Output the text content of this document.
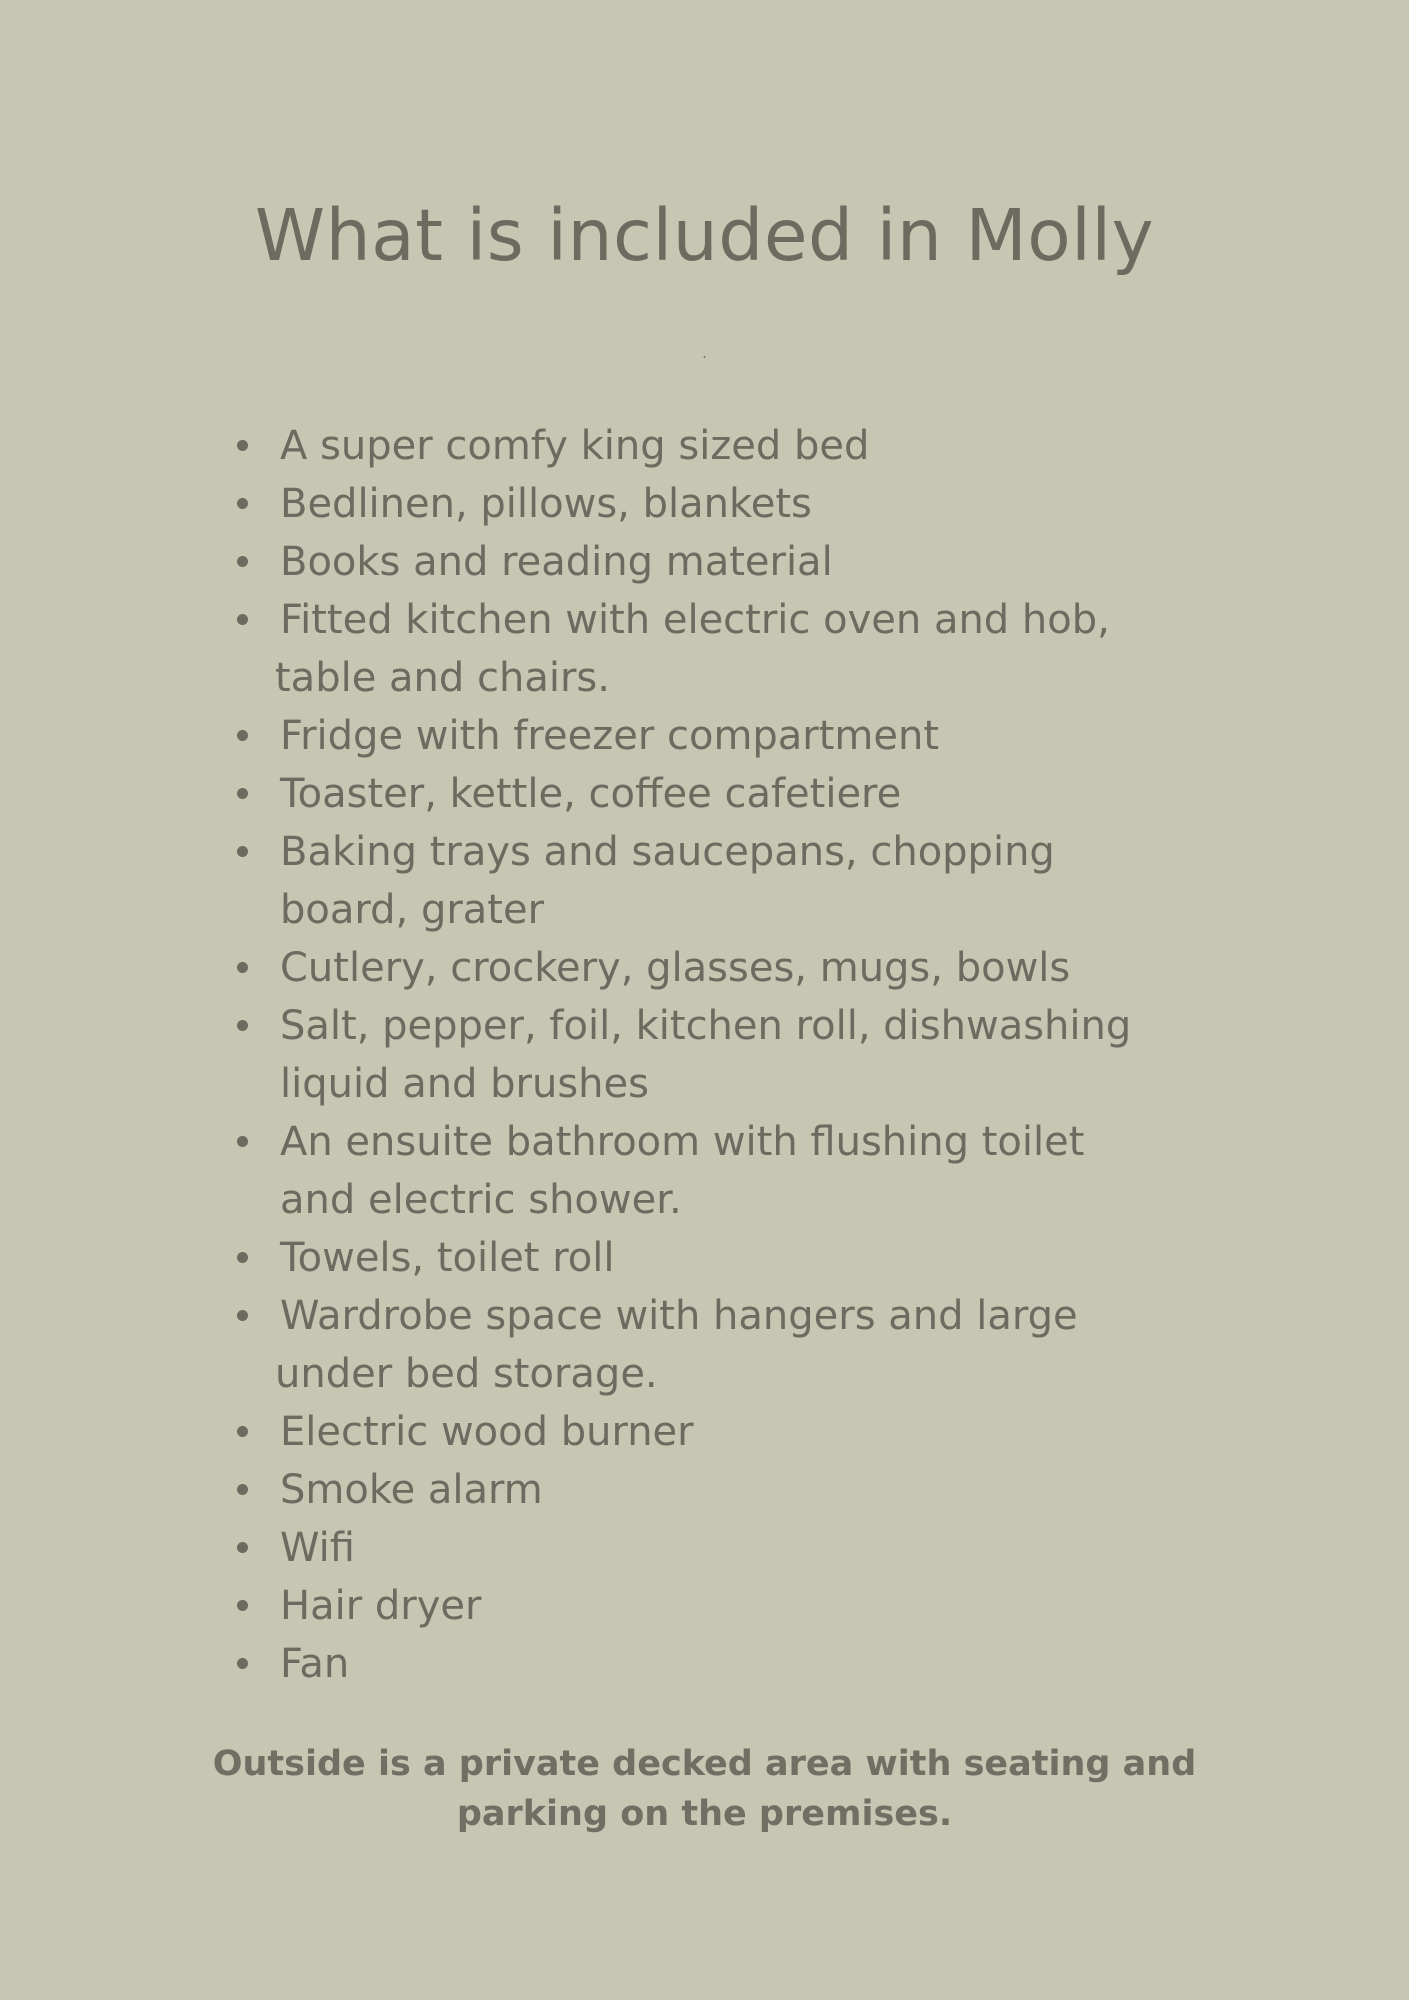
What is included in Molly
.
A super comfy king sized bed
Bedlinen, pillows, blankets
Books and reading material
Fitted kitchen with electric oven and hob,
table and chairs.
Fridge with freezer compartment
Toaster, kettle, coffee cafetiere
Baking trays and saucepans, chopping
board, grater
Cutlery, crockery, glasses, mugs, bowls
Salt, pepper, foil, kitchen roll, dishwashing
liquid and brushes
An ensuite bathroom with flushing toilet
and electric shower.
Towels, toilet roll
Wardrobe space with hangers and large
under bed storage.
Electric wood burner
Smoke alarm
Wifi
Hair dryer
Fan

Outside is a private decked area with seating and
parking on the premises.
